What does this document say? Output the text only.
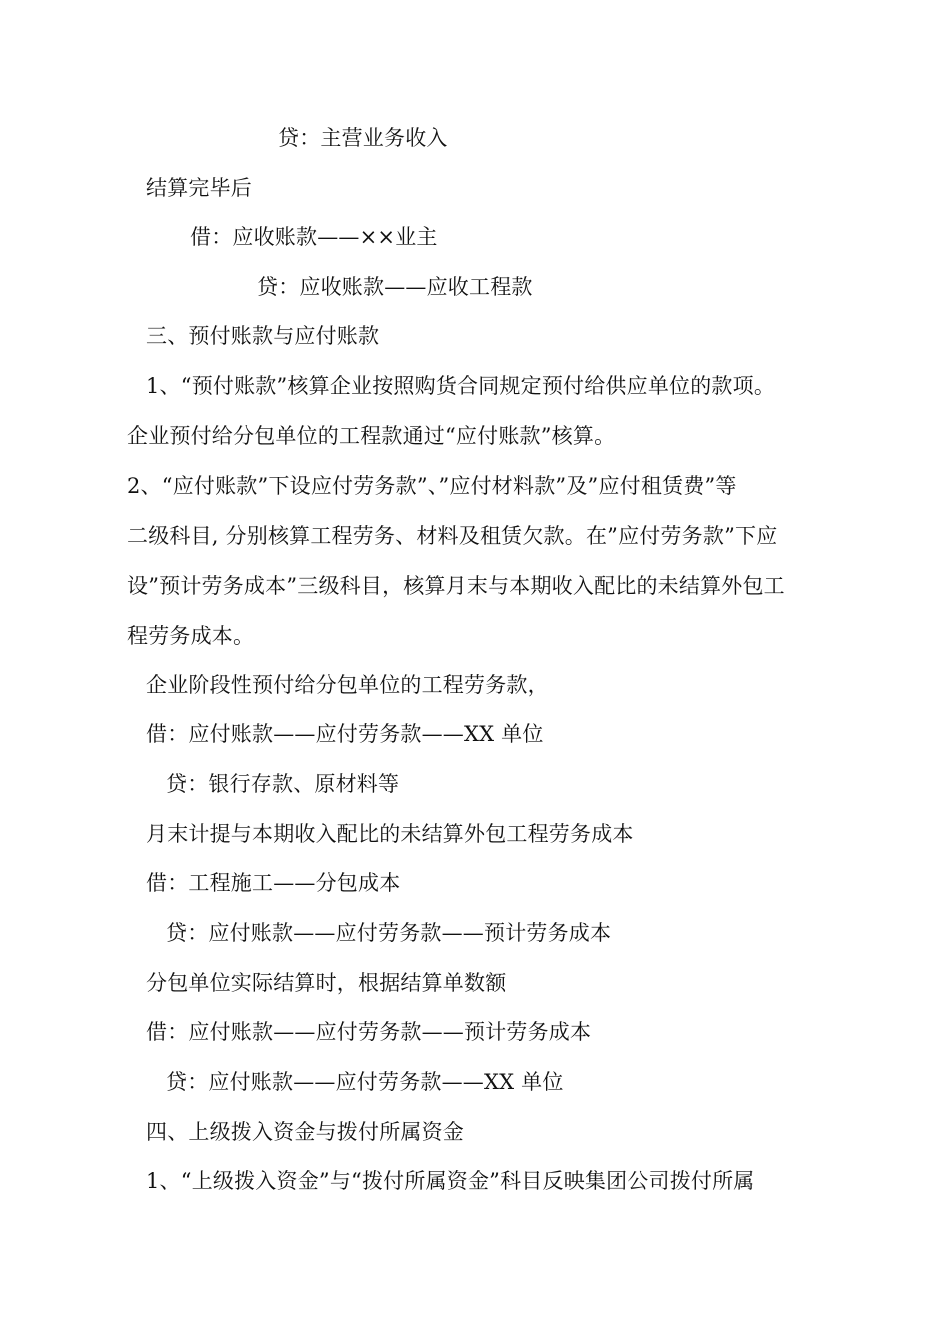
贷：主营业务收入
结算完毕后
借：应收账款——××业主
贷：应收账款——应收工程款
三、预付账款与应付账款
1、“预付账款”核算企业按照购货合同规定预付给供应单位的款项。
企业预付给分包单位的工程款通过“应付账款”核算。
2、“应付账款”下设应付劳务款”、”应付材料款”及”应付租赁费”等
二级科目, 分别核算工程劳务、材料及租赁欠款。在”应付劳务款”下应
设”预计劳务成本”三级科目，核算月末与本期收入配比的未结算外包工
程劳务成本。
企业阶段性预付给分包单位的工程劳务款，
借：应付账款——应付劳务款——XX 单位
贷：银行存款、原材料等
月末计提与本期收入配比的未结算外包工程劳务成本
借：工程施工——分包成本
贷：应付账款——应付劳务款——预计劳务成本
分包单位实际结算时，根据结算单数额
借：应付账款——应付劳务款——预计劳务成本
贷：应付账款——应付劳务款——XX 单位
四、上级拨入资金与拨付所属资金
1、“上级拨入资金”与“拨付所属资金”科目反映集团公司拨付所属
